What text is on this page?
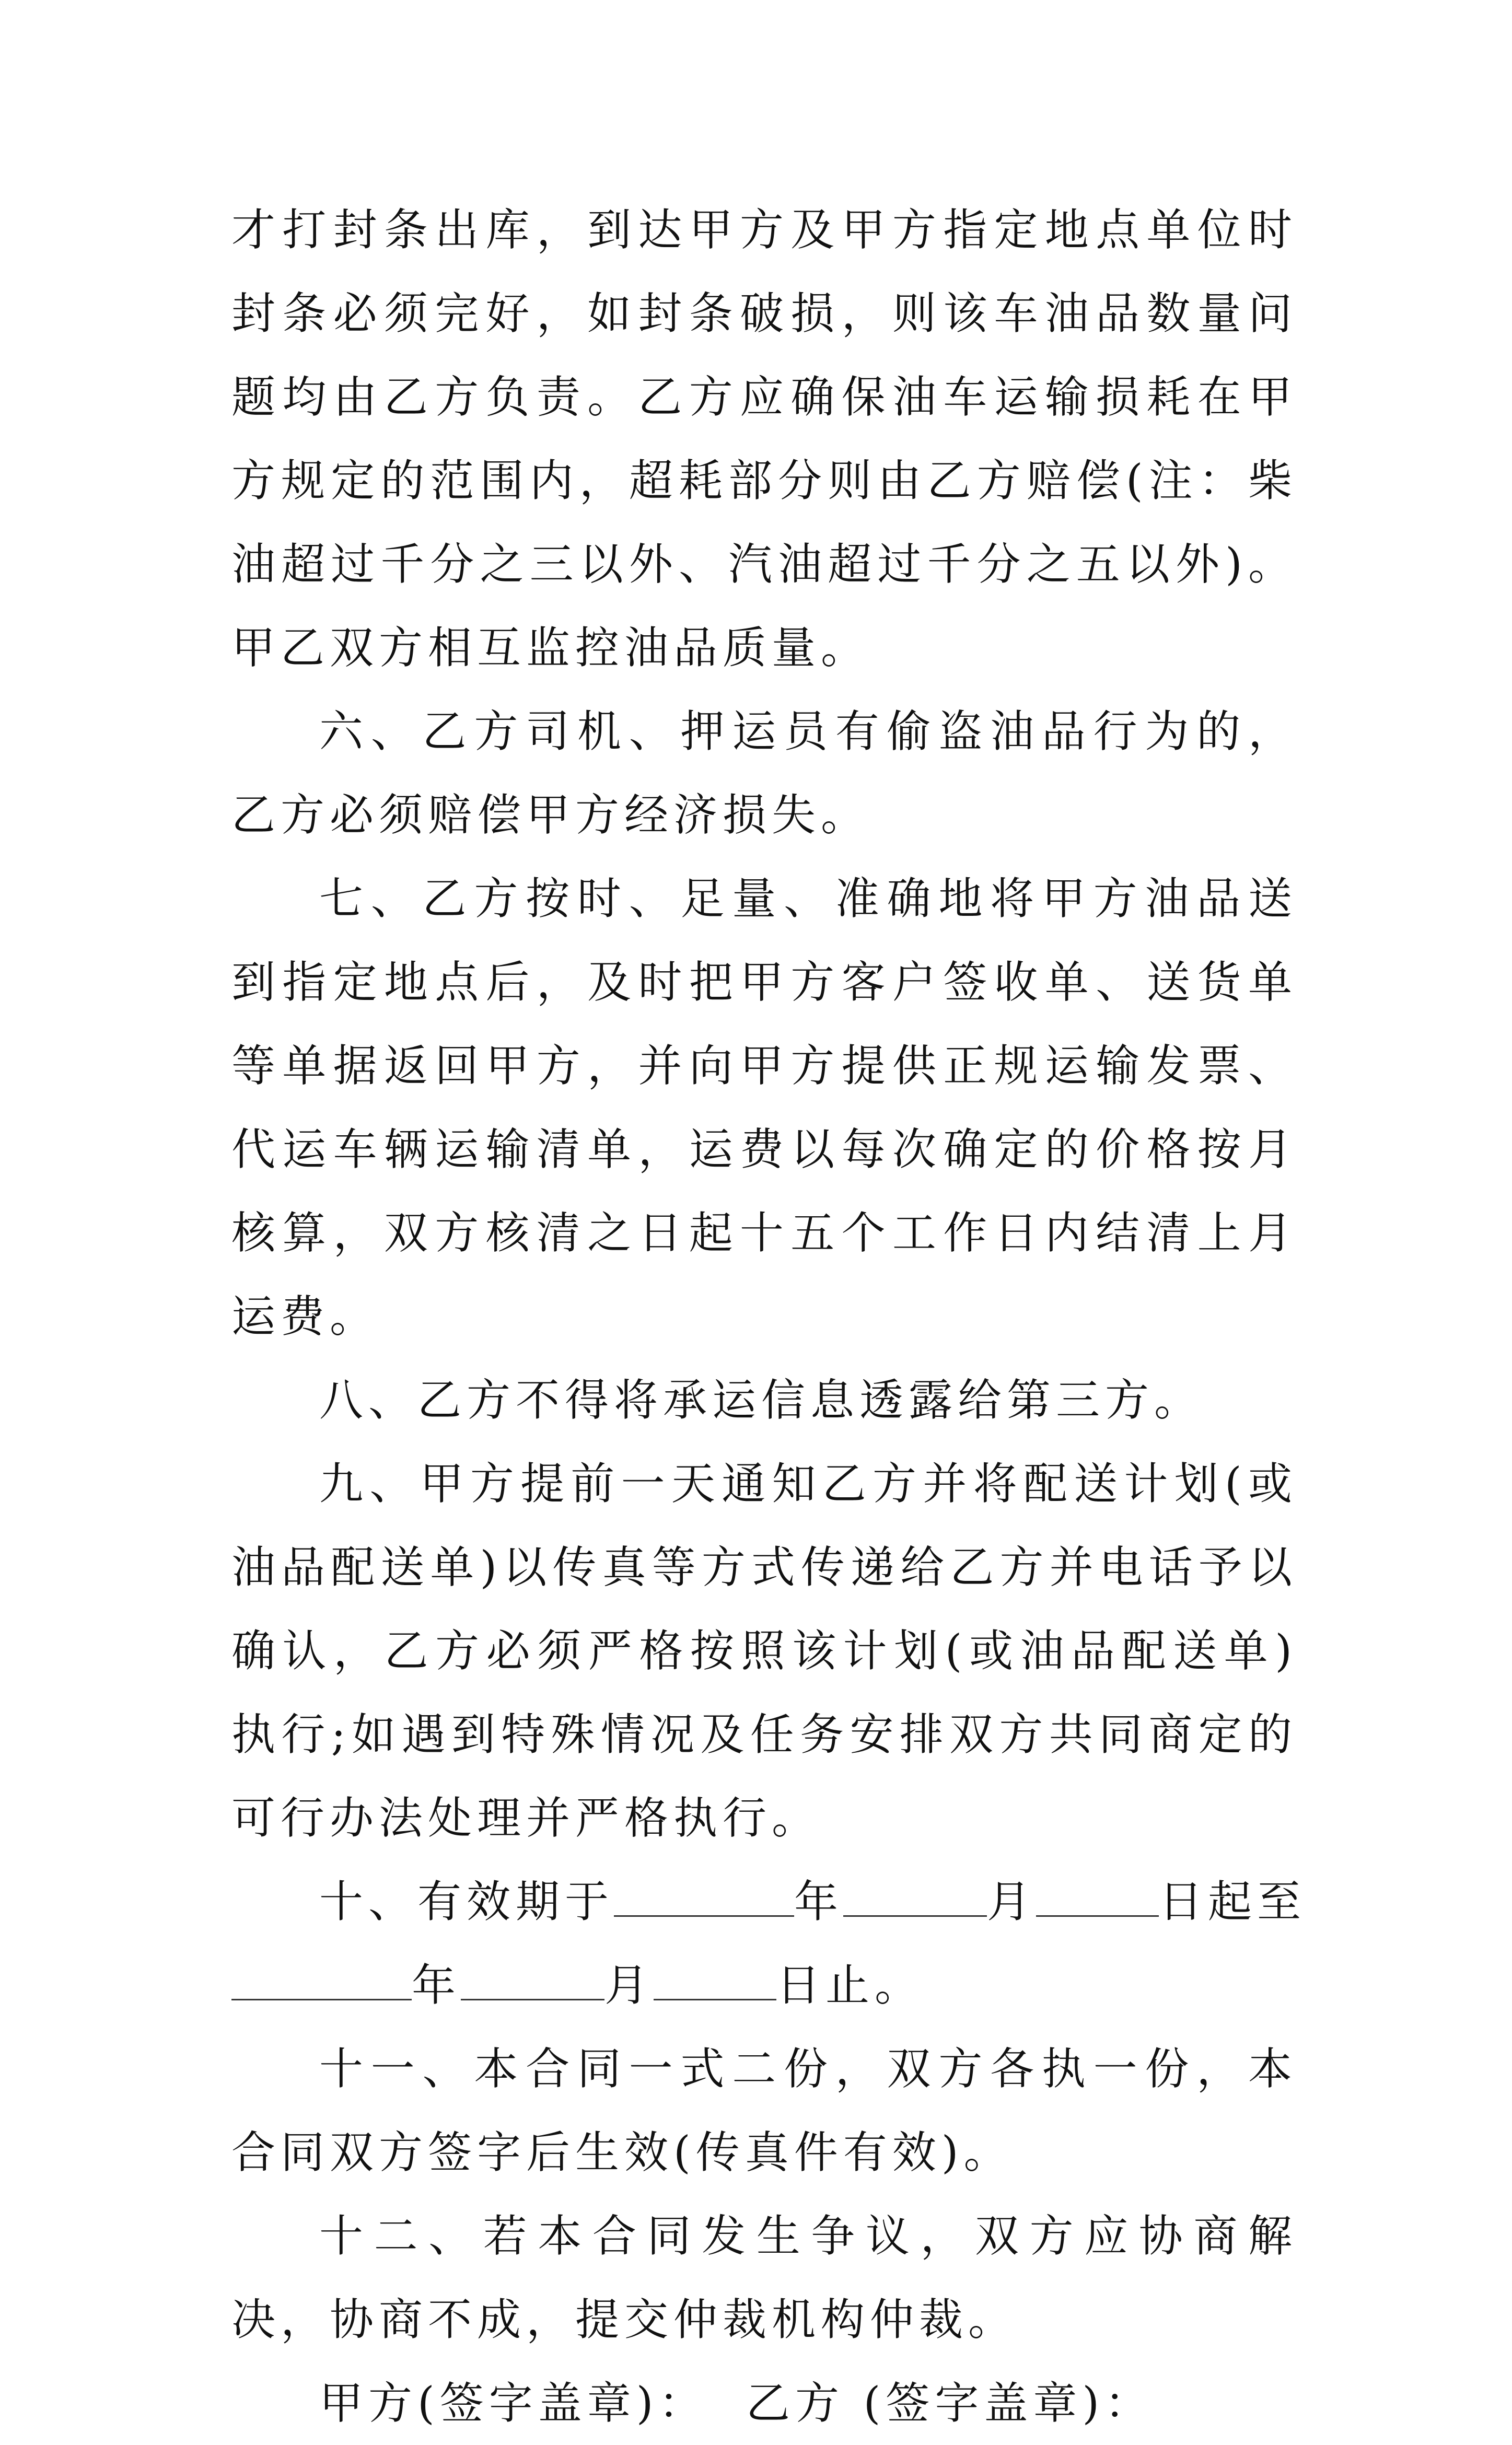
才打封条出库，到达甲方及甲方指定地点单位时封条必须完好，如封条破损，则该车油品数量问题均由乙方负责。乙方应确保油车运输损耗在甲方规定的范围内，超耗部分则由乙方赔偿(注：柴油超过千分之三以外、汽油超过千分之五以外)。甲乙双方相互监控油品质量。

六、乙方司机、押运员有偷盗油品行为的，乙方必须赔偿甲方经济损失。

七、乙方按时、足量、准确地将甲方油品送到指定地点后，及时把甲方客户签收单、送货单等单据返回甲方，并向甲方提供正规运输发票、代运车辆运输清单，运费以每次确定的价格按月核算，双方核清之日起十五个工作日内结清上月运费。

八、乙方不得将承运信息透露给第三方。

九、甲方提前一天通知乙方并将配送计划(或油品配送单)以传真等方式传递给乙方并电话予以确认，乙方必须严格按照该计划(或油品配送单)执行;如遇到特殊情况及任务安排双方共同商定的可行办法处理并严格执行。

十、有效期于	年	月	日起至
年	月	日止。

十一、本合同一式二份，双方各执一份，本合同双方签字后生效(传真件有效)。

十二、若本合同发生争议，双方应协商解决，协商不成，提交仲裁机构仲裁。

甲方(签字盖章)：  乙方 (签字盖章)：
